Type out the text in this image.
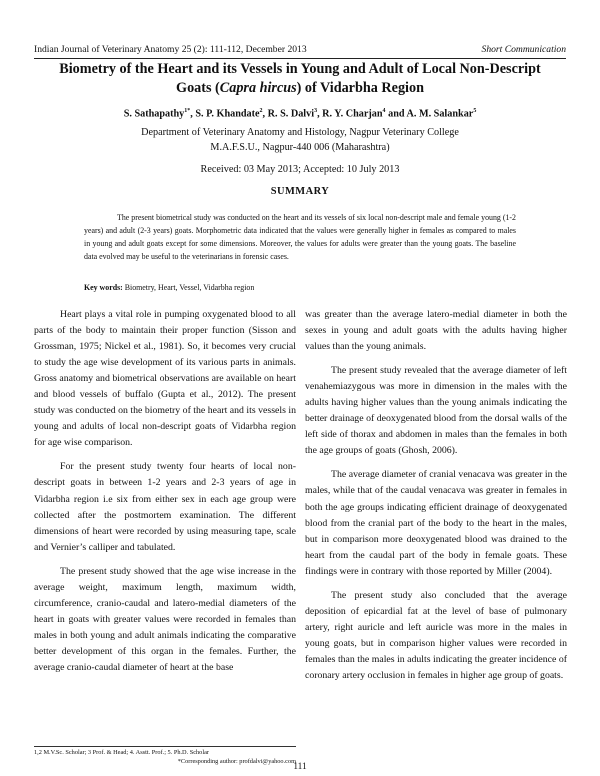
Indian Journal of Veterinary Anatomy 25 (2): 111-112, December 2013	Short Communication
Biometry of the Heart and its Vessels in Young and Adult of Local Non-Descript
Goats (Capra hircus) of Vidarbha Region
S. Sathapathy$^{1*}$, S. P. Khandate$^2$, R. S. Dalvi$^3$, R. Y. Charjan$^4$ and A. M. Salankar$^5$
Department of Veterinary Anatomy and Histology, Nagpur Veterinary College
M.A.F.S.U., Nagpur-440 006 (Maharashtra)
Received: 03 May 2013; Accepted: 10 July 2013
SUMMARY
The present biometrical study was conducted on the heart and its vessels of six local non-descript male and female young (1-2 years) and adult (2-3 years) goats. Morphometric data indicated that the values were generally higher in females as compared to males in young and adult goats except for some dimensions. Moreover, the values for adults were greater than the young goats. The baseline data evolved may be useful to the veterinarians in forensic cases.
Key words: Biometry, Heart, Vessel, Vidarbha region

Heart plays a vital role in pumping oxygenated blood to all parts of the body to maintain their proper function (Sisson and Grossman, 1975; Nickel et al., 1981). So, it becomes very crucial to study the age wise development of its various parts in animals. Gross anatomy and biometrical observations are available on heart and blood vessels of buffalo (Gupta et al., 2012). The present study was conducted on the biometry of the heart and its vessels in young and adults of local non-descript goats of Vidarbha region for age wise comparison.

For the present study twenty four hearts of local non-descript goats in between 1-2 years and 2-3 years of age in Vidarbha region i.e six from either sex in each age group were collected after the postmortem examination. The different dimensions of heart were recorded by using measuring tape, scale and Vernier’s calliper and tabulated.

The present study showed that the age wise increase in the average weight, maximum length, maximum width, circumference, cranio-caudal and latero-medial diameters of the heart in goats with greater values were recorded in females than males in both young and adult animals indicating the comparative better development of this organ in the females. Further, the average cranio-caudal diameter of heart at the base

was greater than the average latero-medial diameter in both the sexes in young and adult goats with the adults having higher values than the young animals.

The present study revealed that the average diameter of left venahemiazygous was more in dimension in the males with the adults having higher values than the young animals indicating the better drainage of deoxygenated blood from the dorsal walls of the left side of thorax and abdomen in males than the females in both the age groups of goats (Ghosh, 2006).

The average diameter of cranial venacava was greater in the males, while that of the caudal venacava was greater in females in both the age groups indicating efficient drainage of deoxygenated blood from the cranial part of the body to the heart in the males, but in comparison more deoxygenated blood was drained to the heart from the caudal part of the body in female goats. These findings were in contrary with those reported by Miller (2004).

The present study also concluded that the average deposition of epicardial fat at the level of base of pulmonary artery, right auricle and left auricle was more in the males in young goats, but in comparison higher values were recorded in females than the males in adults indicating the greater incidence of coronary artery occlusion in females in higher age group of goats.

1,2 M.V.Sc. Scholar; 3 Prof. & Head; 4. Asstt. Prof.; 5. Ph.D. Scholar
*Corresponding author: profdalvi@yahoo.com
111
